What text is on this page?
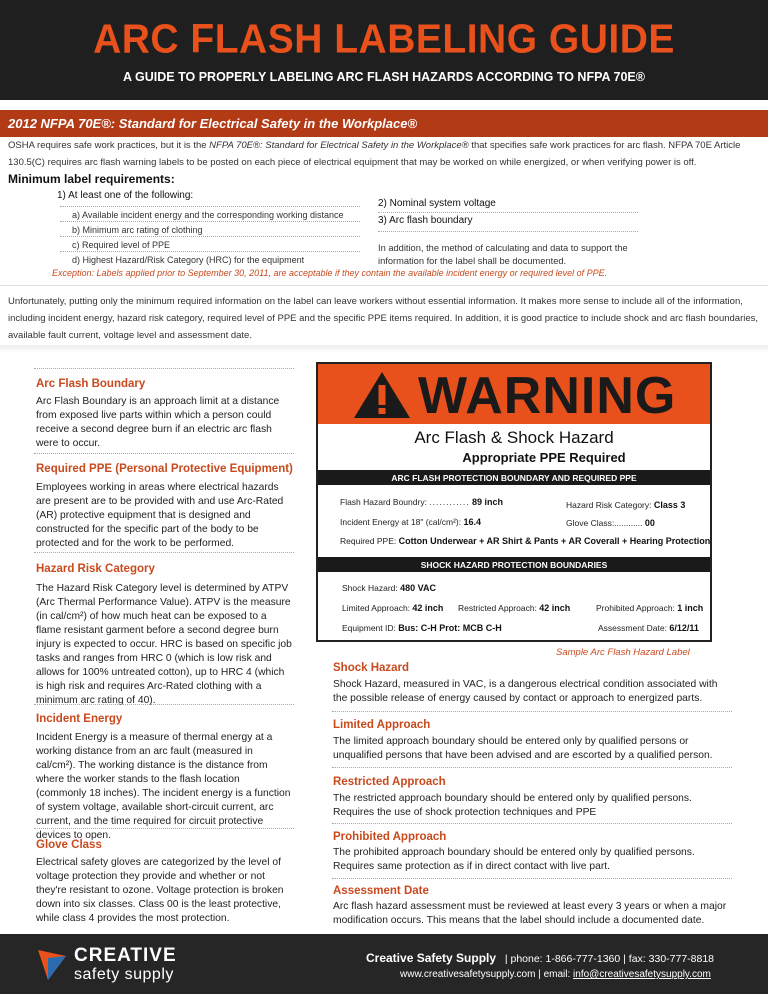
ARC FLASH LABELING GUIDE
A GUIDE TO PROPERLY LABELING ARC FLASH HAZARDS ACCORDING TO NFPA 70E®
2012 NFPA 70E®: Standard for Electrical Safety in the Workplace®
OSHA requires safe work practices, but it is the NFPA 70E®: Standard for Electrical Safety in the Workplace® that specifies safe work practices for arc flash. NFPA 70E Article 130.5(C) requires arc flash warning labels to be posted on each piece of electrical equipment that may be worked on while energized, or when verifying power is off.
Minimum label requirements:
1) At least one of the following:
a) Available incident energy and the corresponding working distance
b) Minimum arc rating of clothing
c) Required level of PPE
d) Highest Hazard/Risk Category (HRC) for the equipment
2) Nominal system voltage
3) Arc flash boundary
In addition, the method of calculating and data to support the information for the label shall be documented.
Exception: Labels applied prior to September 30, 2011, are acceptable if they contain the available incident energy or required level of PPE.
Unfortunately, putting only the minimum required information on the label can leave workers without essential information. It makes more sense to include all of the information, including incident energy, hazard risk category, required level of PPE and the specific PPE items required. In addition, it is good practice to include shock and arc flash boundaries, available fault current, voltage level and assessment date.
Arc Flash Boundary
Arc Flash Boundary is an approach limit at a distance from exposed live parts within which a person could receive a second degree burn if an electric arc flash were to occur.
Required PPE (Personal Protective Equipment)
Employees working in areas where electrical hazards are present are to be provided with and use Arc-Rated (AR) protective equipment that is designed and constructed for the specific part of the body to be protected and for the work to be performed.
Hazard Risk Category
The Hazard Risk Category level is determined by ATPV (Arc Thermal Performance Value). ATPV is the measure (in cal/cm²) of how much heat can be exposed to a flame resistant garment before a second degree burn injury is expected to occur. HRC is based on specific job tasks and ranges from HRC 0 (which is low risk and allows for 100% untreated cotton), up to HRC 4 (which is high risk and requires Arc-Rated clothing with a minimum arc rating of 40).
Incident Energy
Incident Energy is a measure of thermal energy at a working distance from an arc fault (measured in cal/cm²). The working distance is the distance from where the worker stands to the flash location (commonly 18 inches). The incident energy is a function of system voltage, available short-circuit current, arc current, and the time required for circuit protective devices to open.
Glove Class
Electrical safety gloves are categorized by the level of voltage protection they provide and whether or not they're resistant to ozone. Voltage protection is broken down into six classes. Class 00 is the least protective, while class 4 provides the most protection.
WARNING
Arc Flash & Shock Hazard
Appropriate PPE Required
ARC FLASH PROTECTION BOUNDARY AND REQUIRED PPE
Flash Hazard Boundry: ............ 89 inch	Hazard Risk Category: Class 3
Incident Energy at 18" (cal/cm²): 16.4	Glove Class:............ 00
Required PPE: Cotton Underwear + AR Shirt & Pants + AR Coverall + Hearing Protection
SHOCK HAZARD PROTECTION BOUNDARIES
Shock Hazard: 480 VAC
Limited Approach: 42 inch Restricted Approach: 42 inch	Prohibited Approach: 1 inch
Equipment ID: Bus: C-H Prot: MCB C-H	Assessment Date: 6/12/11
Sample Arc Flash Hazard Label
Shock Hazard
Shock Hazard, measured in VAC, is a dangerous electrical condition associated with the possible release of energy caused by contact or approach to energized parts.
Limited Approach
The limited approach boundary should be entered only by qualified persons or unqualified persons that have been advised and are escorted by a qualified person.
Restricted Approach
The restricted approach boundary should be entered only by qualified persons. Requires the use of shock protection techniques and PPE
Prohibited Approach
The prohibited approach boundary should be entered only by qualified persons. Requires same protection as if in direct contact with live part.
Assessment Date
Arc flash hazard assessment must be reviewed at least every 3 years or when a major modification occurs. This means that the label should include a documented date.
CREATIVE
safety supply
Creative Safety Supply | phone: 1-866-777-1360 | fax: 330-777-8818
www.creativesafetysupply.com | email: info@creativesafetysupply.com
